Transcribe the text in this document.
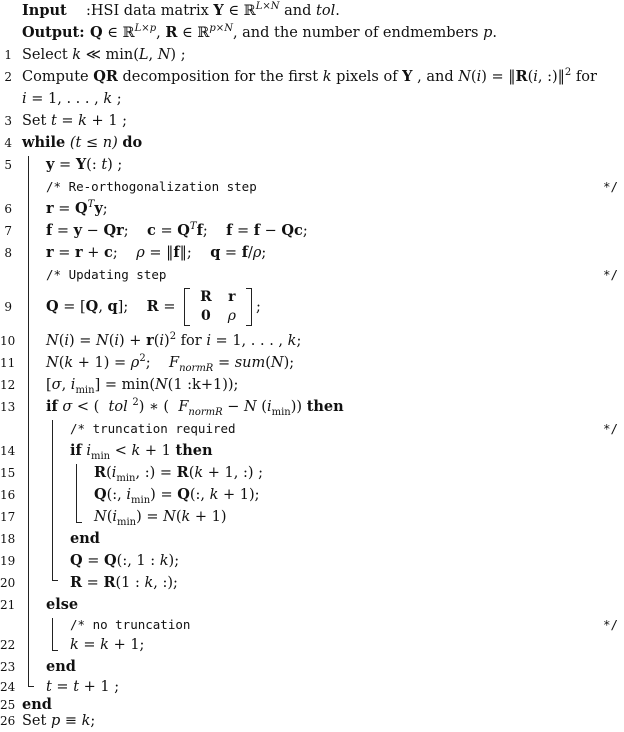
Input :HSI data matrix Y ∈ ℝ$^{L\times N}$ and tol.
Output: Q ∈ ℝ$^{L\times p}$, R ∈ ℝ$^{p\times N}$, and the number of endmembers p.
1 Select k ≪ min(L, N) ;
2 Compute QR decomposition for the first k pixels of Y , and N(i) = ‖R(i, :)‖$^2$ for
i = 1, . . . , k ;
3 Set t = k + 1 ;
4 while (t ≤ n) do
5 y = Y(: t) ;
/* Re-orthogonalization step	*/
6 $r = Q^Ty$;
7 f = y − Qr;    $c = Q^Tf$;    f = f − Qc;
8 r = r + c;    ρ = ‖f‖;    q = f/ρ;
/* Updating step	*/
9 Q = [Q, q];    R =
R	r
0	ρ
;
10 $N(i) = N(i) + r(i)^2$ for i = 1, . . . , k;
11 $N(k + 1) = \rho^2$;    $F_{normR} = sum(N)$;
12 [σ, $i_{min}] = \min(N(1$ :k+1));
13 if σ < (  tol $^2$) ∗ (  $F_{normR} - N$ $(i_{min})$) then
/* truncation required	*/
14	if $i_{min} < k + 1$ then
15	$R(i_{min}$, :) = R(k + 1, :) ;
16	Q(:, $i_{min}) = Q$(:, k + 1);
17	$N(i_{min}) = N(k + 1)$
18	end
19	Q = Q(:, 1 : k);
20	R = R(1 : k, :);
21 else
/* no truncation	*/
22	k = k + 1;
23 end
24 t = t + 1 ;
25 end
26 Set p ≡ k;
